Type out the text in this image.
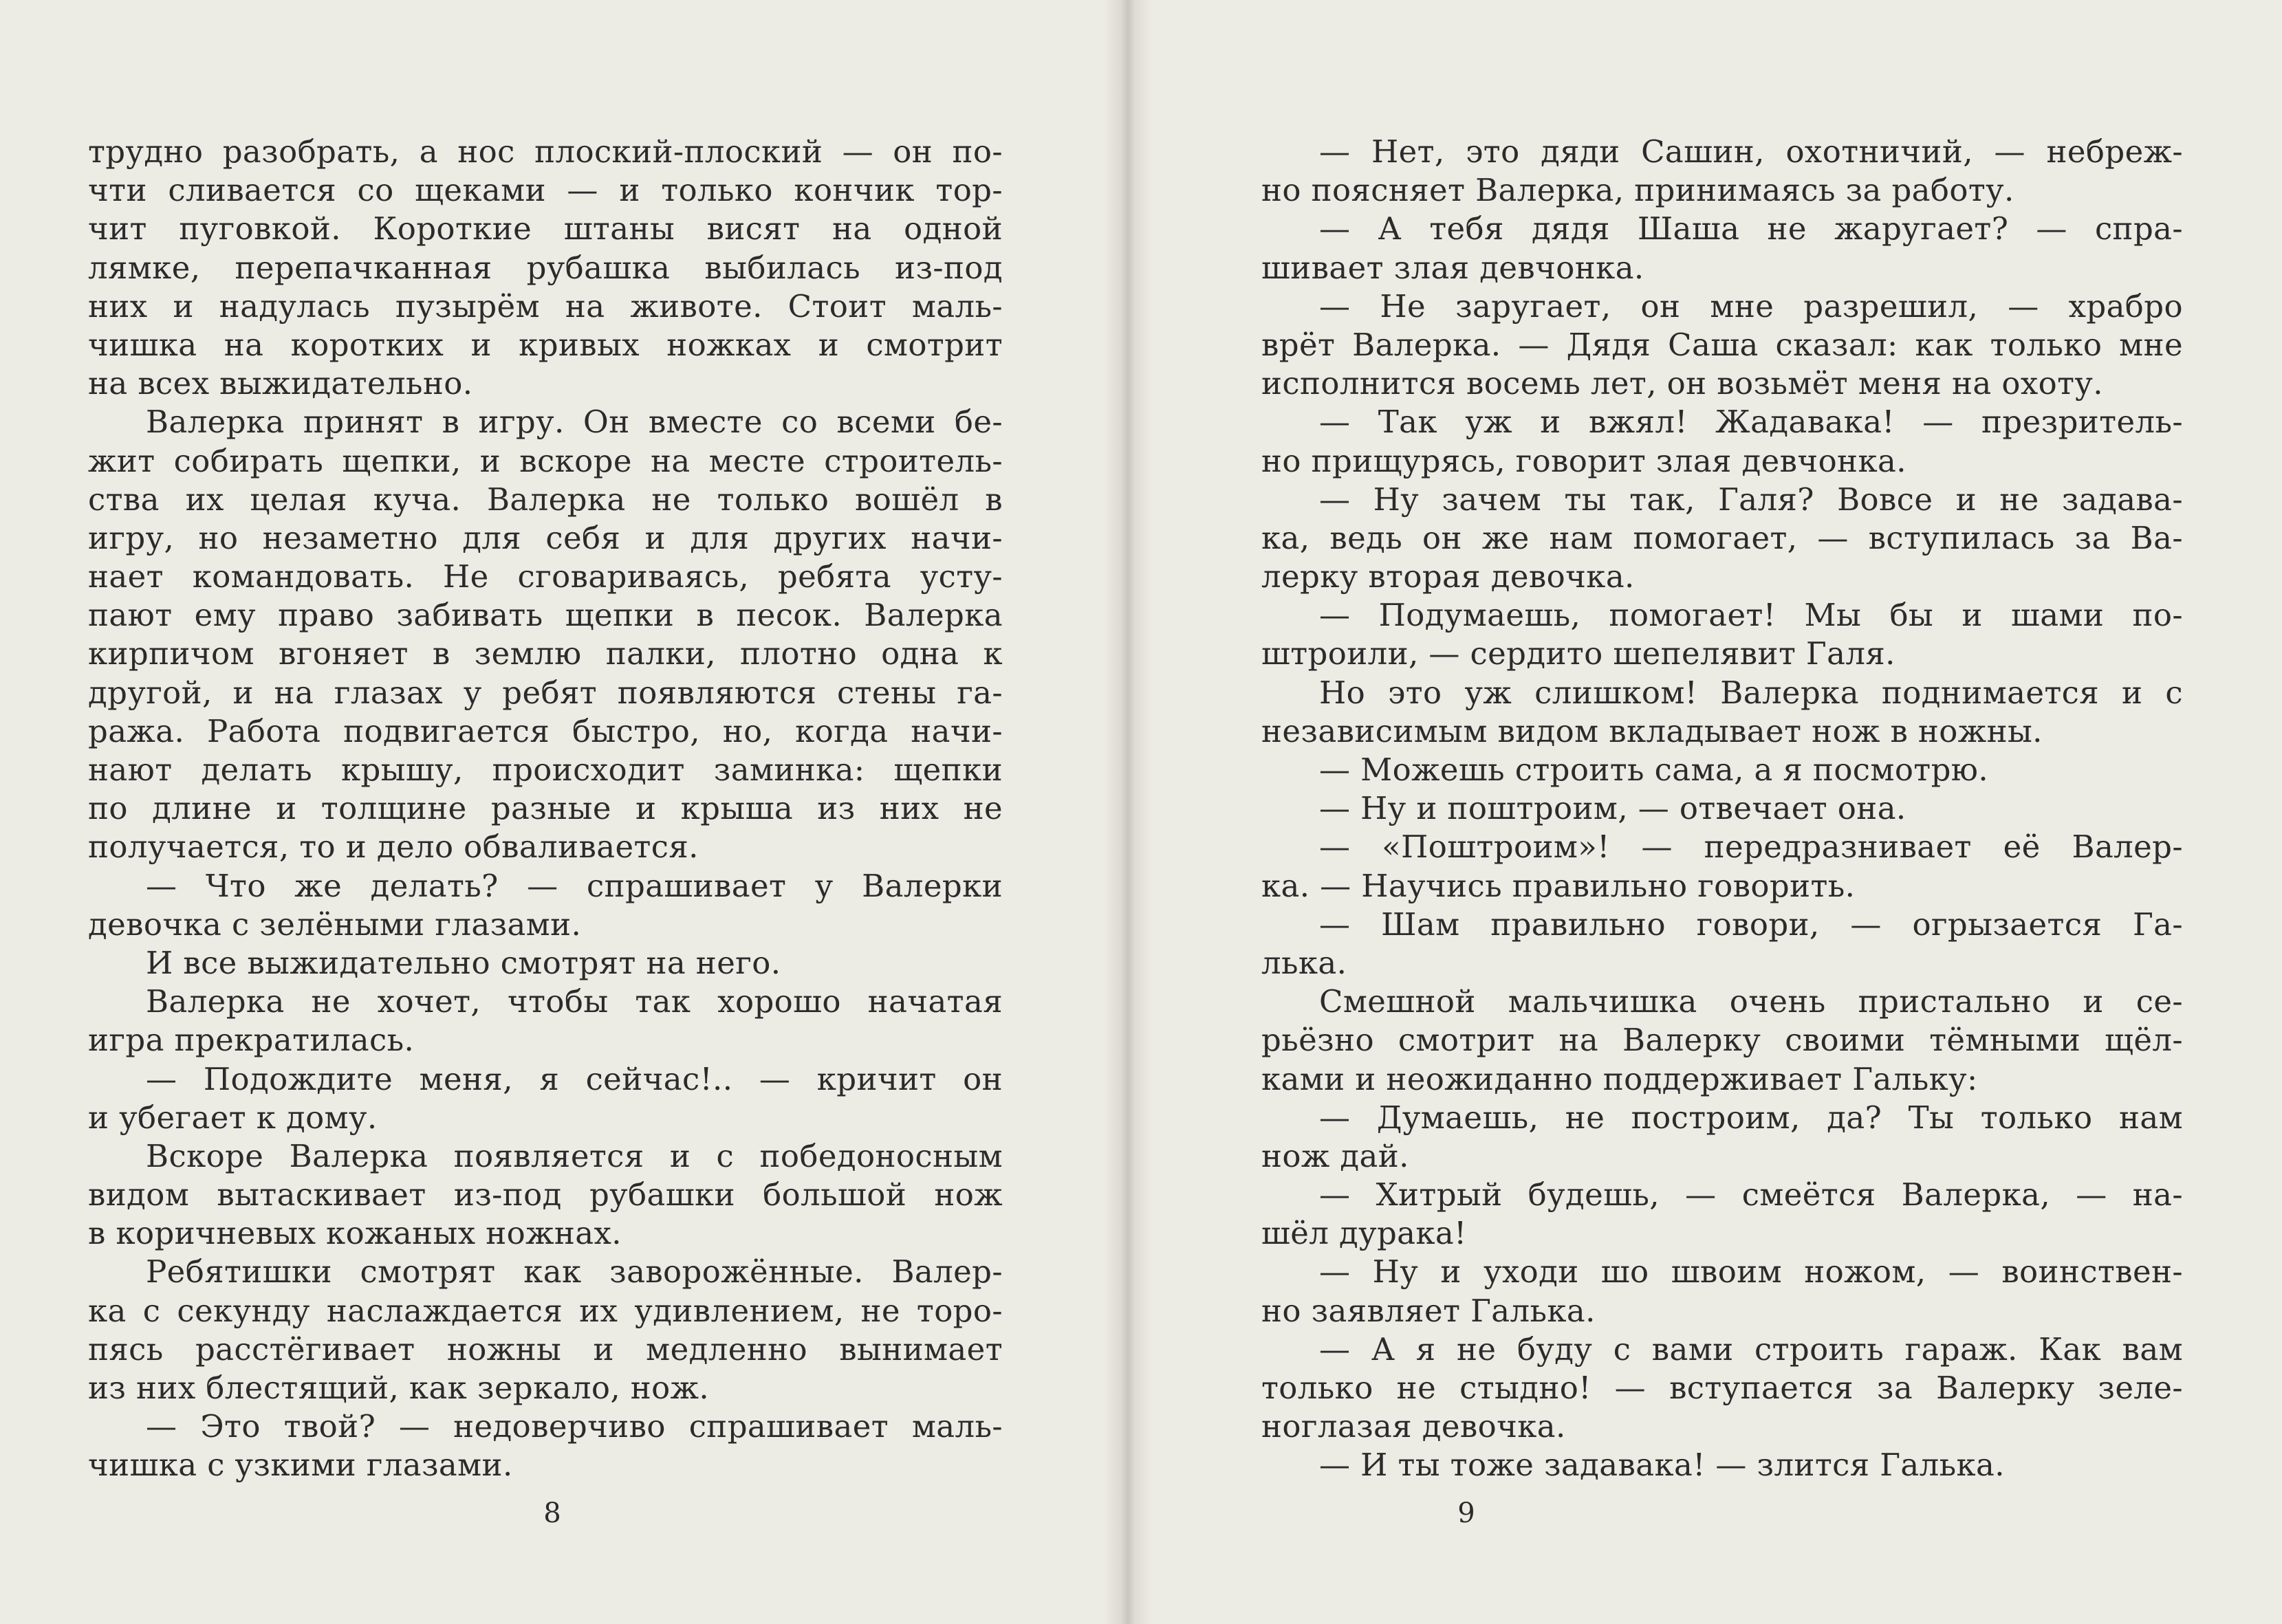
трудно разобрать, а нос плоский-плоский — он по-
чти сливается со щеками — и только кончик тор-
чит пуговкой. Короткие штаны висят на одной
лямке, перепачканная рубашка выбилась из-под
них и надулась пузырём на животе. Стоит маль-
чишка на коротких и кривых ножках и смотрит
на всех выжидательно.
Валерка принят в игру. Он вместе со всеми бе-
жит собирать щепки, и вскоре на месте строитель-
ства их целая куча. Валерка не только вошёл в
игру, но незаметно для себя и для других начи-
нает командовать. Не сговариваясь, ребята усту-
пают ему право забивать щепки в песок. Валерка
кирпичом вгоняет в землю палки, плотно одна к
другой, и на глазах у ребят появляются стены га-
ража. Работа подвигается быстро, но, когда начи-
нают делать крышу, происходит заминка: щепки
по длине и толщине разные и крыша из них не
получается, то и дело обваливается.
— Что же делать? — спрашивает у Валерки
девочка с зелёными глазами.
И все выжидательно смотрят на него.
Валерка не хочет, чтобы так хорошо начатая
игра прекратилась.
— Подождите меня, я сейчас!.. — кричит он
и убегает к дому.
Вскоре Валерка появляется и с победоносным
видом вытаскивает из-под рубашки большой нож
в коричневых кожаных ножнах.
Ребятишки смотрят как заворожённые. Валер-
ка с секунду наслаждается их удивлением, не торо-
пясь расстёгивает ножны и медленно вынимает
из них блестящий, как зеркало, нож.
— Это твой? — недоверчиво спрашивает маль-
чишка с узкими глазами.
8
— Нет, это дяди Сашин, охотничий, — небреж-
но поясняет Валерка, принимаясь за работу.
— А тебя дядя Шаша не жаругает? — спра-
шивает злая девчонка.
— Не заругает, он мне разрешил, — храбро
врёт Валерка. — Дядя Саша сказал: как только мне
исполнится восемь лет, он возьмёт меня на охоту.
— Так уж и вжял! Жадавака! — презритель-
но прищурясь, говорит злая девчонка.
— Ну зачем ты так, Галя? Вовсе и не задава-
ка, ведь он же нам помогает, — вступилась за Ва-
лерку вторая девочка.
— Подумаешь, помогает! Мы бы и шами по-
штроили, — сердито шепелявит Галя.
Но это уж слишком! Валерка поднимается и с
независимым видом вкладывает нож в ножны.
— Можешь строить сама, а я посмотрю.
— Ну и пoштроим, — отвечает она.
— «Поштроим»! — передразнивает её Валер-
ка. — Научись правильно говорить.
— Шам правильно говори, — огрызается Га-
лька.
Смешной мальчишка очень пристально и се-
рьёзно смотрит на Валерку своими тёмными щёл-
ками и неожиданно поддерживает Гальку:
— Думаешь, не построим, да? Ты только нам
нож дай.
— Хитрый будешь, — смеётся Валерка, — на-
шёл дурака!
— Ну и уходи шо швоим ножом, — воинствен-
но заявляет Галька.
— А я не буду с вами строить гараж. Как вам
только не стыдно! — вступается за Валерку зеле-
ноглазая девочка.
— И ты тоже задавака! — злится Галька.
9
